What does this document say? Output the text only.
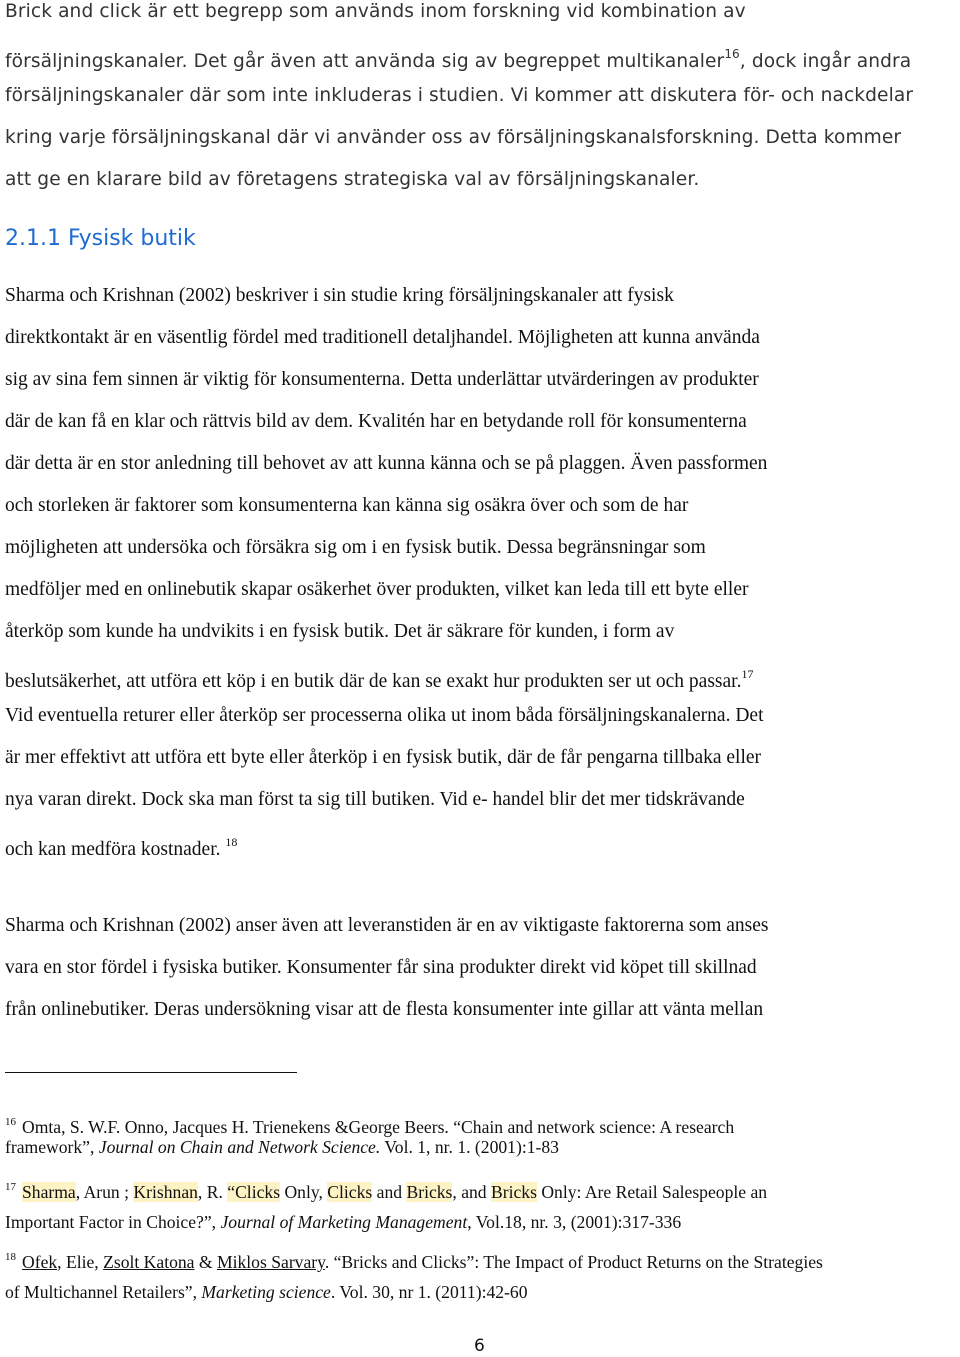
Brick and click är ett begrepp som används inom forskning vid kombination av
försäljningskanaler. Det går även att använda sig av begreppet multikanaler$^{16}$, dock ingår andra
försäljningskanaler där som inte inkluderas i studien. Vi kommer att diskutera för- och nackdelar
kring varje försäljningskanal där vi använder oss av försäljningskanalsforskning. Detta kommer
att ge en klarare bild av företagens strategiska val av försäljningskanaler.
2.1.1 Fysisk butik
Sharma och Krishnan (2002) beskriver i sin studie kring försäljningskanaler att fysisk
direktkontakt är en väsentlig fördel med traditionell detaljhandel. Möjligheten att kunna använda
sig av sina fem sinnen är viktig för konsumenterna. Detta underlättar utvärderingen av produkter
där de kan få en klar och rättvis bild av dem. Kvalitén har en betydande roll för konsumenterna
där detta är en stor anledning till behovet av att kunna känna och se på plaggen. Även passformen
och storleken är faktorer som konsumenterna kan känna sig osäkra över och som de har
möjligheten att undersöka och försäkra sig om i en fysisk butik. Dessa begränsningar som
medföljer med en onlinebutik skapar osäkerhet över produkten, vilket kan leda till ett byte eller
återköp som kunde ha undvikits i en fysisk butik. Det är säkrare för kunden, i form av
beslutsäkerhet, att utföra ett köp i en butik där de kan se exakt hur produkten ser ut och passar.$^{17}$
Vid eventuella returer eller återköp ser processerna olika ut inom båda försäljningskanalerna. Det
är mer effektivt att utföra ett byte eller återköp i en fysisk butik, där de får pengarna tillbaka eller
nya varan direkt. Dock ska man först ta sig till butiken. Vid e- handel blir det mer tidskrävande
och kan medföra kostnader. $^{18}$
Sharma och Krishnan (2002) anser även att leveranstiden är en av viktigaste faktorerna som anses
vara en stor fördel i fysiska butiker. Konsumenter får sina produkter direkt vid köpet till skillnad
från onlinebutiker. Deras undersökning visar att de flesta konsumenter inte gillar att vänta mellan
$^{16}$ Omta, S. W.F. Onno, Jacques H. Trienekens &George Beers. “Chain and network science: A research
framework”, Journal on Chain and Network Science. Vol. 1, nr. 1. (2001):1-83
$^{17}$ Sharma, Arun ; Krishnan, R. “Clicks Only, Clicks and Bricks, and Bricks Only: Are Retail Salespeople an
Important Factor in Choice?”, Journal of Marketing Management, Vol.18, nr. 3, (2001):317-336
$^{18}$ Ofek, Elie, Zsolt Katona & Miklos Sarvary. “Bricks and Clicks”: The Impact of Product Returns on the Strategies
of Multichannel Retailers”, Marketing science. Vol. 30, nr 1. (2011):42-60
6
